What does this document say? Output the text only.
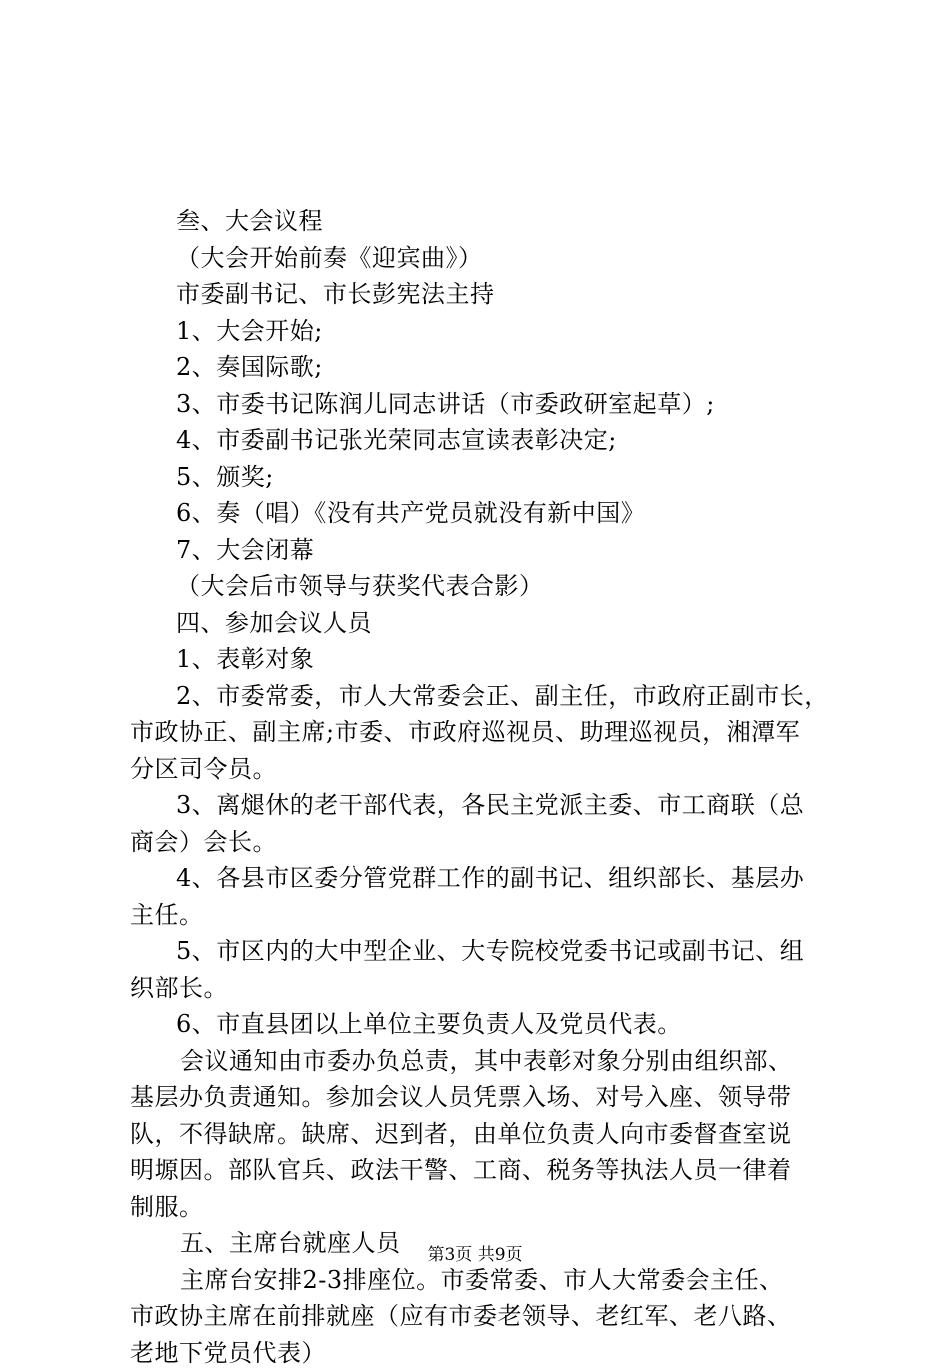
叁、大会议程
（大会开始前奏《迎宾曲》）
市委副书记、市长彭宪法主持
1、大会开始;
2、奏国际歌;
3、市委书记陈润儿同志讲话（市委政研室起草）;
4、市委副书记张光荣同志宣读表彰决定;
5、颁奖;
6、奏（唱）《没有共产党员就没有新中国》
7、大会闭幕
（大会后市领导与获奖代表合影）
四、参加会议人员
1、表彰对象
2、市委常委，市人大常委会正、副主任，市政府正副市长，
市政协正、副主席;市委、市政府巡视员、助理巡视员，湘潭军
分区司令员。
3、离煺休的老干部代表，各民主党派主委、市工商联（总
商会）会长。
4、各县市区委分管党群工作的副书记、组织部长、基层办
主任。
5、市区内的大中型企业、大专院校党委书记或副书记、组
织部长。
6、市直县团以上单位主要负责人及党员代表。
会议通知由市委办负总责，其中表彰对象分别由组织部、
基层办负责通知。参加会议人员凭票入场、对号入座、领导带
队，不得缺席。缺席、迟到者，由单位负责人向市委督查室说
明塬因。部队官兵、政法干警、工商、税务等执法人员一律着
制服。
五、主席台就座人员
主席台安排2-3排座位。市委常委、市人大常委会主任、
市政协主席在前排就座（应有市委老领导、老红军、老八路、
老地下党员代表）
第3页 共9页
